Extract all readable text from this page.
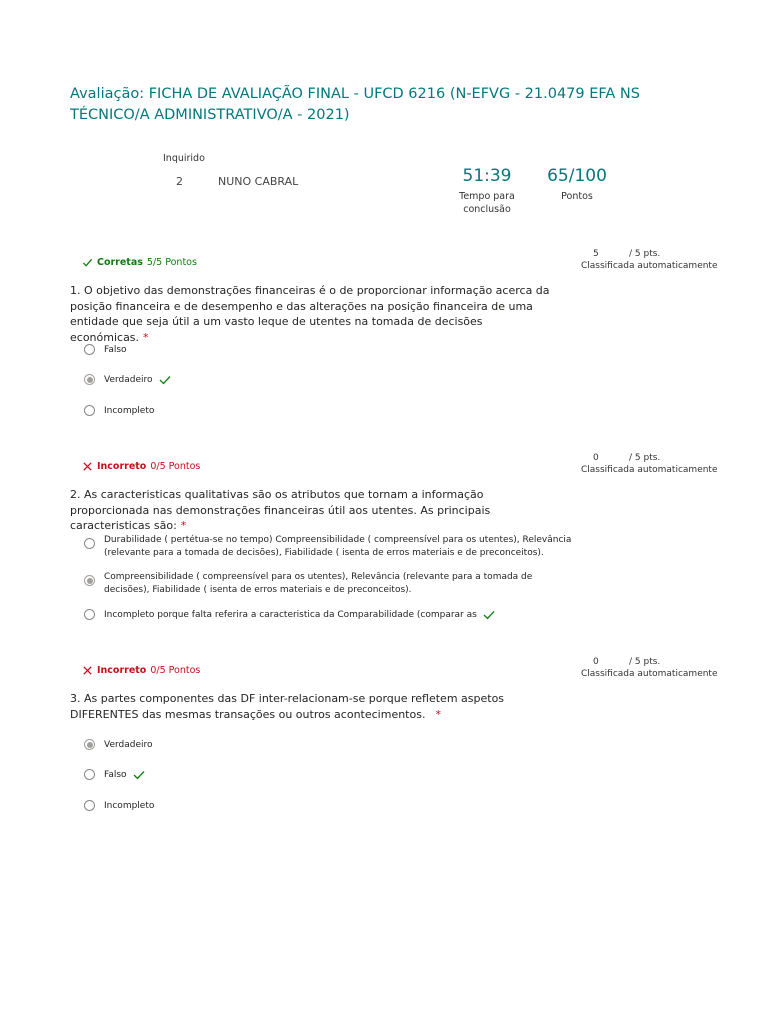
Avaliação: FICHA DE AVALIAÇÃO FINAL - UFCD 6216 (N-EFVG - 21.0479 EFA NS TÉCNICO/A ADMINISTRATIVO/A - 2021)
Inquirido
2	NUNO CABRAL	51:39
Tempo para conclusão
65/100
Pontos
Corretas 5/5 Pontos
5	/ 5 pts.
Classificada automaticamente
1. O objetivo das demonstrações financeiras é o de proporcionar informação acerca da posição financeira e de desempenho e das alterações na posição financeira de uma entidade que seja útil a um vasto leque de utentes na tomada de decisões económicas. *
Falso
Verdadeiro
Incompleto
Incorreto 0/5 Pontos
0	/ 5 pts.
Classificada automaticamente
2. As caracteristicas qualitativas são os atributos que tornam a informação proporcionada nas demonstrações financeiras útil aos utentes. As principais caracteristicas são: *
Durabilidade ( pertétua-se no tempo) Compreensibilidade ( compreensível para os utentes), Relevância (relevante para a tomada de decisões), Fiabilidade ( isenta de erros materiais e de preconceitos).
Compreensibilidade ( compreensível para os utentes), Relevância (relevante para a tomada de decisões), Fiabilidade ( isenta de erros materiais e de preconceitos).
Incompleto porque falta referira a caracteristica da Comparabilidade (comparar as
Incorreto 0/5 Pontos
0	/ 5 pts.
Classificada automaticamente
3. As partes componentes das DF inter-relacionam-se porque refletem aspetos DIFERENTES das mesmas transações ou outros acontecimentos. *
Verdadeiro
Falso
Incompleto
